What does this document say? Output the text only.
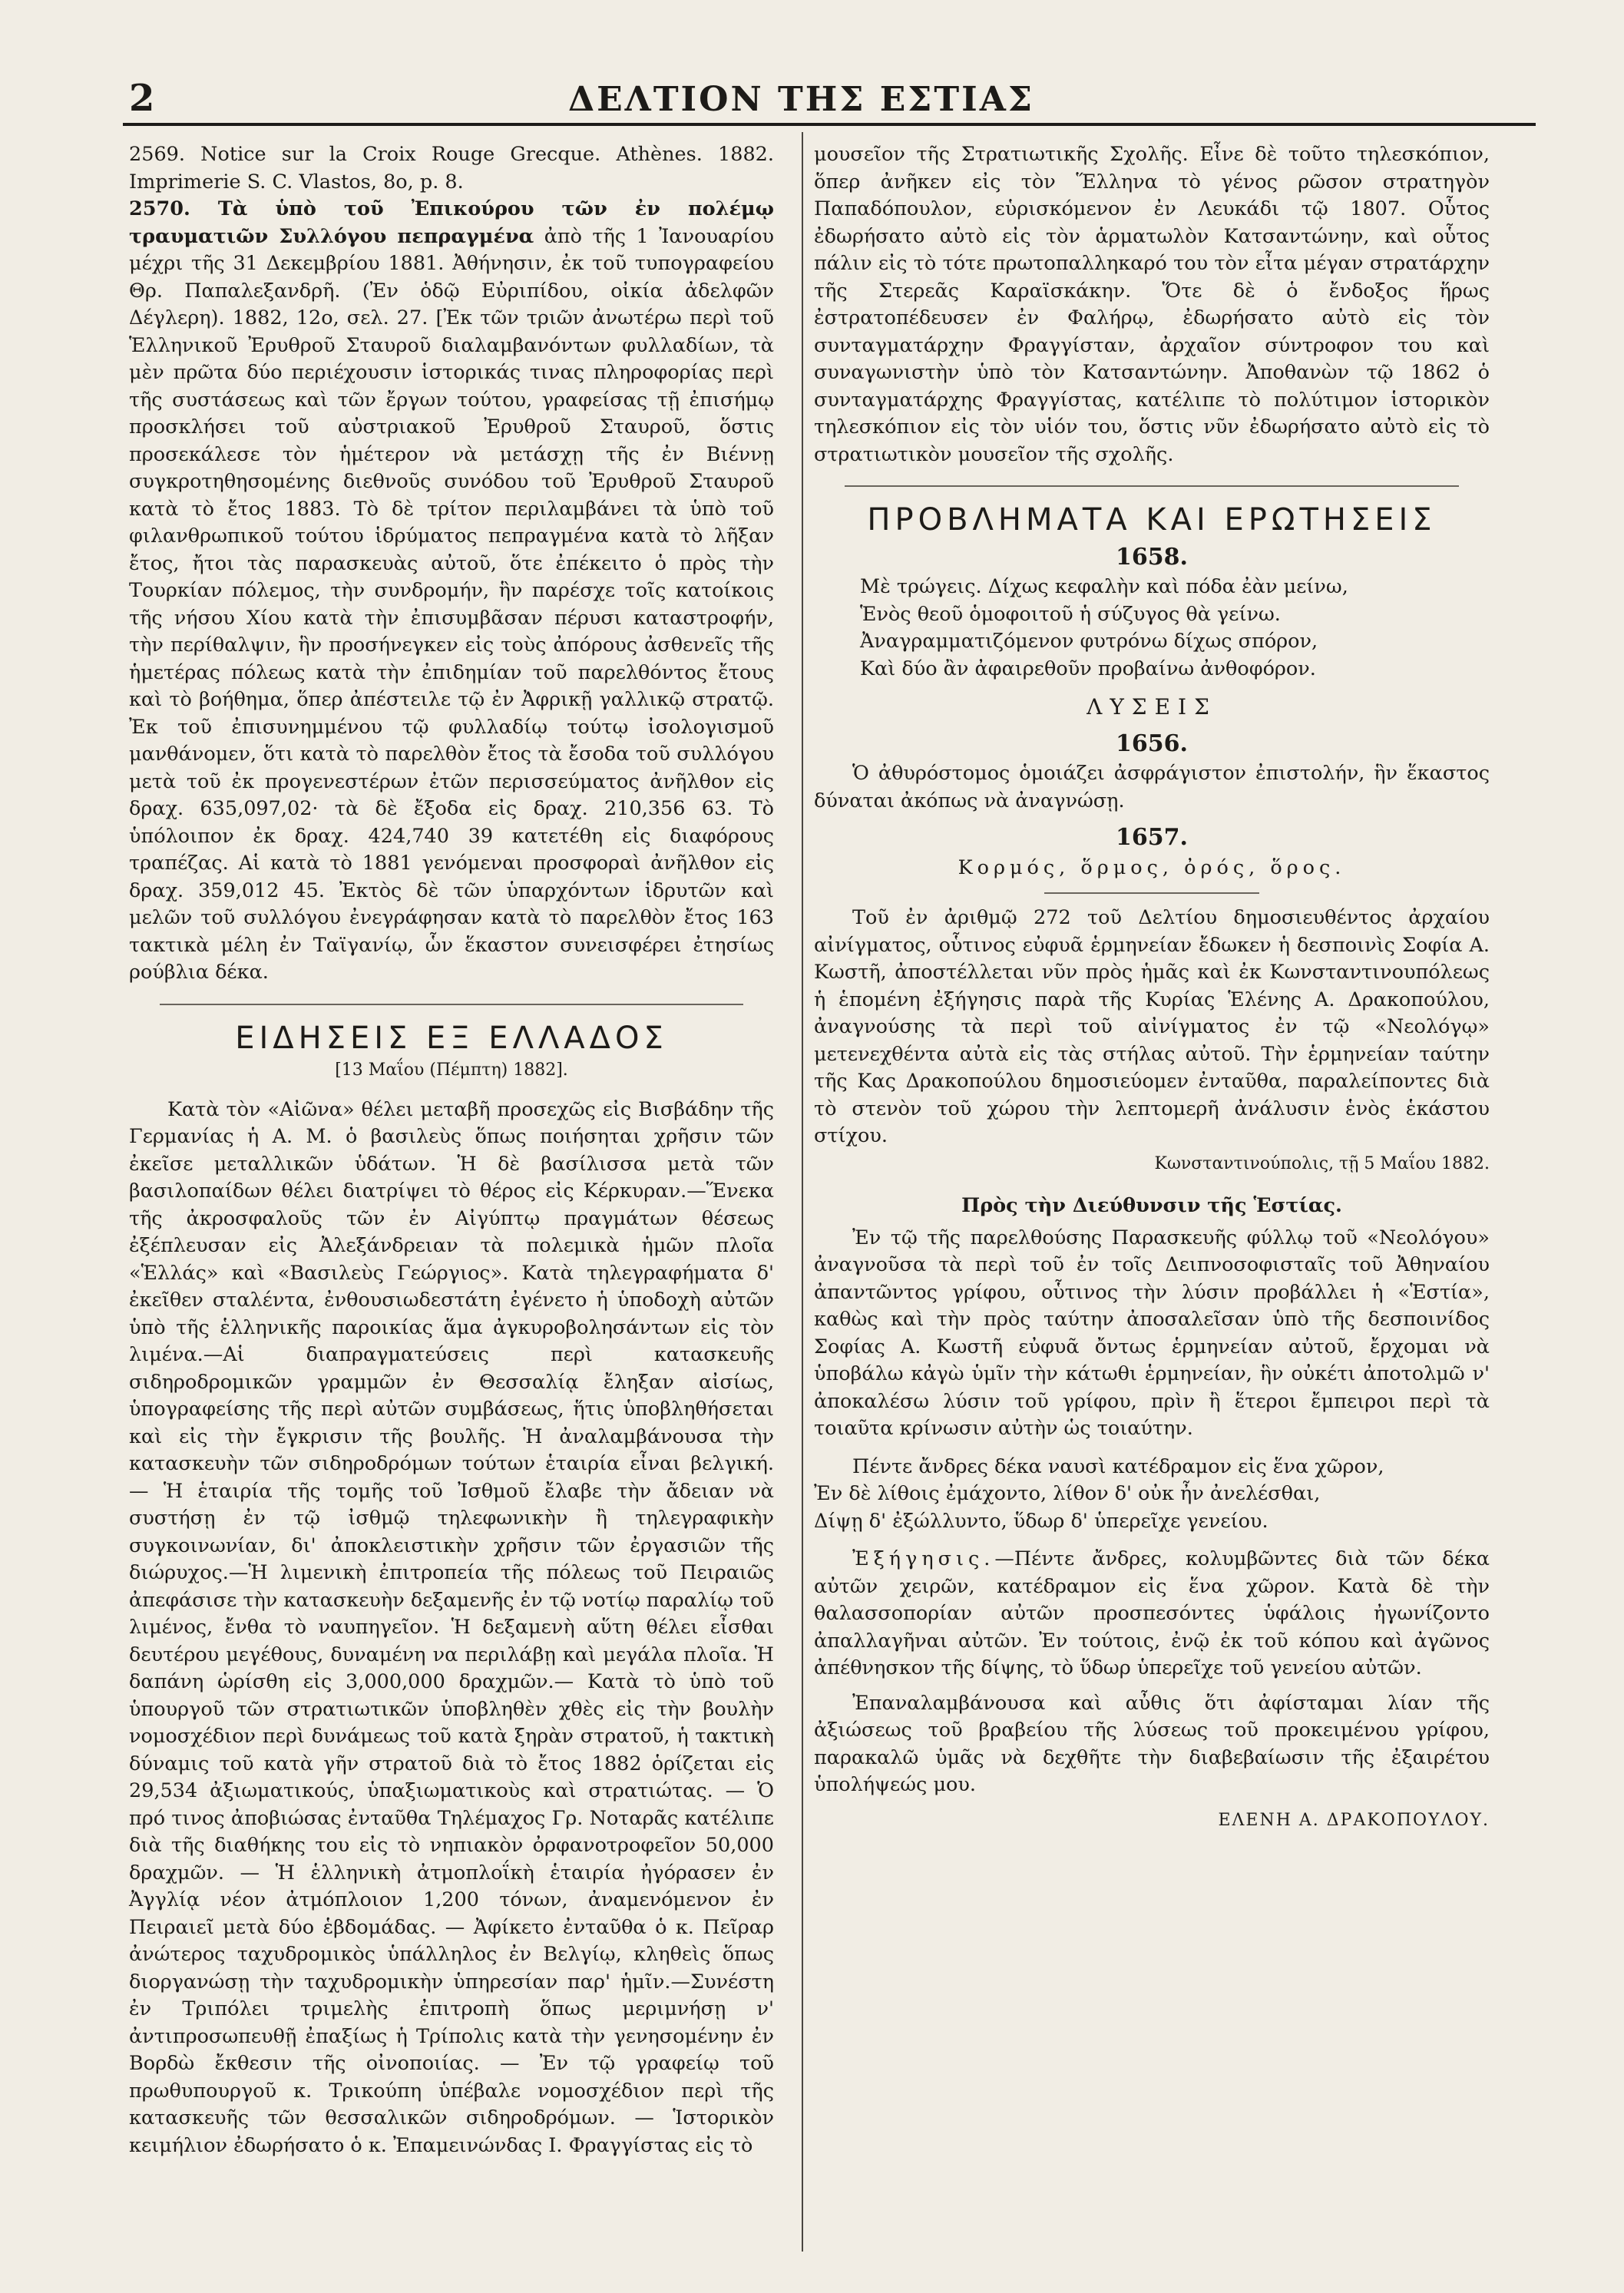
2	ΔΕΛΤΙΟΝ ΤΗΣ ΕΣΤΙΑΣ

2569. Notice sur la Croix Rouge Grecque. Athènes. 1882. Imprimerie S. C. Vlastos, 8o, p. 8.

2570. Τὰ ὑπὸ τοῦ Ἐπικούρου τῶν ἐν πολέμῳ τραυματιῶν Συλλόγου πεπραγμένα ἀπὸ τῆς 1 Ἰανουαρίου μέχρι τῆς 31 Δεκεμβρίου 1881. Ἀθήνησιν, ἐκ τοῦ τυπογραφείου Θρ. Παπαλεξανδρῆ. (Ἐν ὁδῷ Εὐριπίδου, οἰκία ἀδελφῶν Δέγλερη). 1882, 12ο, σελ. 27. [Ἐκ τῶν τριῶν ἀνωτέρω περὶ τοῦ Ἑλληνικοῦ Ἐρυθροῦ Σταυροῦ διαλαμβανόντων φυλλαδίων, τὰ μὲν πρῶτα δύο περιέχουσιν ἱστορικάς τινας πληροφορίας περὶ τῆς συστάσεως καὶ τῶν ἔργων τούτου, γραφείσας τῇ ἐπισήμῳ προσκλήσει τοῦ αὐστριακοῦ Ἐρυθροῦ Σταυροῦ, ὅστις προσεκάλεσε τὸν ἡμέτερον νὰ μετάσχῃ τῆς ἐν Βιέννῃ συγκροτηθησομένης διεθνοῦς συνόδου τοῦ Ἐρυθροῦ Σταυροῦ κατὰ τὸ ἔτος 1883. Τὸ δὲ τρίτον περιλαμβάνει τὰ ὑπὸ τοῦ φιλανθρωπικοῦ τούτου ἱδρύματος πεπραγμένα κατὰ τὸ λῆξαν ἔτος, ἤτοι τὰς παρασκευὰς αὐτοῦ, ὅτε ἐπέκειτο ὁ πρὸς τὴν Τουρκίαν πόλεμος, τὴν συνδρομήν, ἣν παρέσχε τοῖς κατοίκοις τῆς νήσου Χίου κατὰ τὴν ἐπισυμβᾶσαν πέρυσι καταστροφήν, τὴν περίθαλψιν, ἣν προσήνεγκεν εἰς τοὺς ἀπόρους ἀσθενεῖς τῆς ἡμετέρας πόλεως κατὰ τὴν ἐπιδημίαν τοῦ παρελθόντος ἔτους καὶ τὸ βοήθημα, ὅπερ ἀπέστειλε τῷ ἐν Ἀφρικῇ γαλλικῷ στρατῷ. Ἐκ τοῦ ἐπισυνημμένου τῷ φυλλαδίῳ τούτῳ ἰσολογισμοῦ μανθάνομεν, ὅτι κατὰ τὸ παρελθὸν ἔτος τὰ ἔσοδα τοῦ συλλόγου μετὰ τοῦ ἐκ προγενεστέρων ἐτῶν περισσεύματος ἀνῆλθον εἰς δραχ. 635,097,02· τὰ δὲ ἔξοδα εἰς δραχ. 210,356 63. Τὸ ὑπόλοιπον ἐκ δραχ. 424,740 39 κατετέθη εἰς διαφόρους τραπέζας. Αἱ κατὰ τὸ 1881 γενόμεναι προσφοραὶ ἀνῆλθον εἰς δραχ. 359,012 45. Ἐκτὸς δὲ τῶν ὑπαρχόντων ἱδρυτῶν καὶ μελῶν τοῦ συλλόγου ἐνεγράφησαν κατὰ τὸ παρελθὸν ἔτος 163 τακτικὰ μέλη ἐν Ταϊγανίῳ, ὧν ἕκαστον συνεισφέρει ἐτησίως ρούβλια δέκα.

ΕΙΔΗΣΕΙΣ ΕΞ ΕΛΛΑΔΟΣ
[13 Μαΐου (Πέμπτη) 1882].

Κατὰ τὸν «Αἰῶνα» θέλει μεταβῆ προσεχῶς εἰς Βισβάδην τῆς Γερμανίας ἡ Α. Μ. ὁ βασιλεὺς ὅπως ποιήσηται χρῆσιν τῶν ἐκεῖσε μεταλλικῶν ὑδάτων. Ἡ δὲ βασίλισσα μετὰ τῶν βασιλοπαίδων θέλει διατρίψει τὸ θέρος εἰς Κέρκυραν.—Ἕνεκα τῆς ἀκροσφαλοῦς τῶν ἐν Αἰγύπτῳ πραγμάτων θέσεως ἐξέπλευσαν εἰς Ἀλεξάνδρειαν τὰ πολεμικὰ ἡμῶν πλοῖα «Ἑλλάς» καὶ «Βασιλεὺς Γεώργιος». Κατὰ τηλεγραφήματα δ' ἐκεῖθεν σταλέντα, ἐνθουσιωδεστάτη ἐγένετο ἡ ὑποδοχὴ αὐτῶν ὑπὸ τῆς ἑλληνικῆς παροικίας ἅμα ἀγκυροβολησάντων εἰς τὸν λιμένα.—Αἱ διαπραγματεύσεις περὶ κατασκευῆς σιδηροδρομικῶν γραμμῶν ἐν Θεσσαλίᾳ ἔληξαν αἰσίως, ὑπογραφείσης τῆς περὶ αὐτῶν συμβάσεως, ἥτις ὑποβληθήσεται καὶ εἰς τὴν ἔγκρισιν τῆς βουλῆς. Ἡ ἀναλαμβάνουσα τὴν κατασκευὴν τῶν σιδηροδρόμων τούτων ἑταιρία εἶναι βελγική. — Ἡ ἑταιρία τῆς τομῆς τοῦ Ἰσθμοῦ ἔλαβε τὴν ἄδειαν νὰ συστήσῃ ἐν τῷ ἰσθμῷ τηλεφωνικὴν ἢ τηλεγραφικὴν συγκοινωνίαν, δι' ἀποκλειστικὴν χρῆσιν τῶν ἐργασιῶν τῆς διώρυχος.—Ἡ λιμενικὴ ἐπιτροπεία τῆς πόλεως τοῦ Πειραιῶς ἀπεφάσισε τὴν κατασκευὴν δεξαμενῆς ἐν τῷ νοτίῳ παραλίῳ τοῦ λιμένος, ἔνθα τὸ ναυπηγεῖον. Ἡ δεξαμενὴ αὕτη θέλει εἶσθαι δευτέρου μεγέθους, δυναμένη να περιλάβῃ καὶ μεγάλα πλοῖα. Ἡ δαπάνη ὡρίσθη εἰς 3,000,000 δραχμῶν.— Κατὰ τὸ ὑπὸ τοῦ ὑπουργοῦ τῶν στρατιωτικῶν ὑποβληθὲν χθὲς εἰς τὴν βουλὴν νομοσχέδιον περὶ δυνάμεως τοῦ κατὰ ξηρὰν στρατοῦ, ἡ τακτικὴ δύναμις τοῦ κατὰ γῆν στρατοῦ διὰ τὸ ἔτος 1882 ὁρίζεται εἰς 29,534 ἀξιωματικούς, ὑπαξιωματικοὺς καὶ στρατιώτας. — Ὁ πρό τινος ἀποβιώσας ἐνταῦθα Τηλέμαχος Γρ. Νοταρᾶς κατέλιπε διὰ τῆς διαθήκης του εἰς τὸ νηπιακὸν ὀρφανοτροφεῖον 50,000 δραχμῶν. — Ἡ ἑλληνικὴ ἀτμοπλοΐκὴ ἑταιρία ἠγόρασεν ἐν Ἀγγλίᾳ νέον ἀτμόπλοιον 1,200 τόνων, ἀναμενόμενον ἐν Πειραιεῖ μετὰ δύο ἑβδομάδας. — Ἀφίκετο ἐνταῦθα ὁ κ. Πεῖραρ ἀνώτερος ταχυδρομικὸς ὑπάλληλος ἐν Βελγίῳ, κληθεὶς ὅπως διοργανώσῃ τὴν ταχυδρομικὴν ὑπηρεσίαν παρ' ἡμῖν.—Συνέστη ἐν Τριπόλει τριμελὴς ἐπιτροπὴ ὅπως μεριμνήσῃ ν' ἀντιπροσωπευθῇ ἐπαξίως ἡ Τρίπολις κατὰ τὴν γενησομένην ἐν Βορδὼ ἔκθεσιν τῆς οἰνοποιίας. — Ἐν τῷ γραφείῳ τοῦ πρωθυπουργοῦ κ. Τρικούπη ὑπέβαλε νομοσχέδιον περὶ τῆς κατασκευῆς τῶν θεσσαλικῶν σιδηροδρόμων. — Ἱστορικὸν κειμήλιον ἐδωρήσατο ὁ κ. Ἐπαμεινώνδας Ι. Φραγγίστας εἰς τὸ

μουσεῖον τῆς Στρατιωτικῆς Σχολῆς. Εἶνε δὲ τοῦτο τηλεσκόπιον, ὅπερ ἀνῆκεν εἰς τὸν Ἕλληνα τὸ γένος ρῶσον στρατηγὸν Παπαδόπουλον, εὑρισκόμενον ἐν Λευκάδι τῷ 1807. Οὗτος ἐδωρήσατο αὐτὸ εἰς τὸν ἁρματωλὸν Κατσαντώνην, καὶ οὗτος πάλιν εἰς τὸ τότε πρωτοπαλληκαρό του τὸν εἶτα μέγαν στρατάρχην τῆς Στερεᾶς Καραϊσκάκην. Ὅτε δὲ ὁ ἔνδοξος ἥρως ἐστρατοπέδευσεν ἐν Φαλήρῳ, ἐδωρήσατο αὐτὸ εἰς τὸν συνταγματάρχην Φραγγίσταν, ἀρχαῖον σύντροφον του καὶ συναγωνιστὴν ὑπὸ τὸν Κατσαντώνην. Ἀποθανὼν τῷ 1862 ὁ συνταγματάρχης Φραγγίστας, κατέλιπε τὸ πολύτιμον ἱστορικὸν τηλεσκόπιον εἰς τὸν υἱόν του, ὅστις νῦν ἐδωρήσατο αὐτὸ εἰς τὸ στρατιωτικὸν μουσεῖον τῆς σχολῆς.

ΠΡΟΒΛΗΜΑΤΑ ΚΑΙ ΕΡΩΤΗΣΕΙΣ
1658.

Μὲ τρώγεις. Δίχως κεφαλὴν καὶ πόδα ἐὰν μείνω,

Ἑνὸς θεοῦ ὁμοφοιτοῦ ἡ σύζυγος θὰ γείνω.

Ἀναγραμματιζόμενον φυτρόνω δίχως σπόρον,

Καὶ δύο ἂν ἀφαιρεθοῦν προβαίνω ἀνθοφόρον.

ΛΥΣΕΙΣ
1656.

Ὁ ἀθυρόστομος ὁμοιάζει ἀσφράγιστον ἐπιστολήν, ἣν ἕκαστος δύναται ἀκόπως νὰ ἀναγνώσῃ.

1657.

Κορμός, ὅρμος, ὀρός, ὅρος.

Τοῦ ἐν ἀριθμῷ 272 τοῦ Δελτίου δημοσιευθέντος ἀρχαίου αἰνίγματος, οὗτινος εὐφυᾶ ἑρμηνείαν ἔδωκεν ἡ δεσποινὶς Σοφία Α. Κωστῆ, ἀποστέλλεται νῦν πρὸς ἡμᾶς καὶ ἐκ Κωνσταντινουπόλεως ἡ ἑπομένη ἐξήγησις παρὰ τῆς Κυρίας Ἑλένης Α. Δρακοπούλου, ἀναγνούσης τὰ περὶ τοῦ αἰνίγματος ἐν τῷ «Νεολόγῳ» μετενεχθέντα αὐτὰ εἰς τὰς στήλας αὐτοῦ. Τὴν ἑρμηνείαν ταύτην τῆς Κας Δρακοπούλου δημοσιεύομεν ἐνταῦθα, παραλείποντες διὰ τὸ στενὸν τοῦ χώρου τὴν λεπτομερῆ ἀνάλυσιν ἑνὸς ἑκάστου στίχου.

Κωνσταντινούπολις, τῇ 5 Μαΐου 1882.

Πρὸς τὴν Διεύθυνσιν τῆς Ἑστίας.

Ἐν τῷ τῆς παρελθούσης Παρασκευῆς φύλλῳ τοῦ «Νεολόγου» ἀναγνοῦσα τὰ περὶ τοῦ ἐν τοῖς Δειπνοσοφισταῖς τοῦ Ἀθηναίου ἀπαντῶντος γρίφου, οὗτινος τὴν λύσιν προβάλλει ἡ «Ἑστία», καθὼς καὶ τὴν πρὸς ταύτην ἀποσαλεῖσαν ὑπὸ τῆς δεσποινίδος Σοφίας Α. Κωστῆ εὐφυᾶ ὄντως ἑρμηνείαν αὐτοῦ, ἔρχομαι νὰ ὑποβάλω κἀγὼ ὑμῖν τὴν κάτωθι ἑρμηνείαν, ἣν οὐκέτι ἀποτολμῶ ν' ἀποκαλέσω λύσιν τοῦ γρίφου, πρὶν ἢ ἕτεροι ἔμπειροι περὶ τὰ τοιαῦτα κρίνωσιν αὐτὴν ὡς τοιαύτην.

Πέντε ἄνδρες δέκα ναυσὶ κατέδραμον εἰς ἕνα χῶρον,

Ἐν δὲ λίθοις ἐμάχοντο, λίθον δ' οὐκ ἦν ἀνελέσθαι,

Δίψῃ δ' ἐξώλλυντο, ὕδωρ δ' ὑπερεῖχε γενείου.

Ἐξήγησις.—Πέντε ἄνδρες, κολυμβῶντες διὰ τῶν δέκα αὐτῶν χειρῶν, κατέδραμον εἰς ἕνα χῶρον. Κατὰ δὲ τὴν θαλασσοπορίαν αὐτῶν προσπεσόντες ὑφάλοις ἠγωνίζοντο ἀπαλλαγῆναι αὐτῶν. Ἐν τούτοις, ἐνῷ ἐκ τοῦ κόπου καὶ ἀγῶνος ἀπέθνησκον τῆς δίψης, τὸ ὕδωρ ὑπερεῖχε τοῦ γενείου αὐτῶν.

Ἐπαναλαμβάνουσα καὶ αὖθις ὅτι ἀφίσταμαι λίαν τῆς ἀξιώσεως τοῦ βραβείου τῆς λύσεως τοῦ προκειμένου γρίφου, παρακαλῶ ὑμᾶς νὰ δεχθῆτε τὴν διαβεβαίωσιν τῆς ἐξαιρέτου ὑπολήψεώς μου.

ΕΛΕΝΗ Α. ΔΡΑΚΟΠΟΥΛΟΥ.
